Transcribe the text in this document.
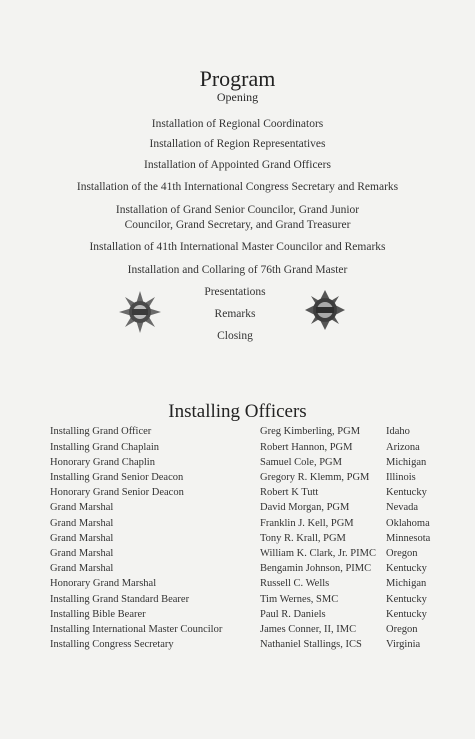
Program
Opening
Installation of Regional Coordinators
Installation of Region Representatives
Installation of Appointed Grand Officers
Installation of the 41th International Congress Secretary and Remarks
Installation of Grand Senior Councilor, Grand Junior
Councilor, Grand Secretary, and Grand Treasurer
Installation of 41th International Master Councilor and Remarks
Installation and Collaring of 76th Grand Master
Presentations
Remarks
Closing
Installing Officers
Installing Grand Officer	Greg Kimberling, PGM Idaho
Installing Grand Chaplain	Robert Hannon, PGM	Arizona
Honorary Grand Chaplin	Samuel Cole, PGM	Michigan
Installing Grand Senior Deacon	Gregory R. Klemm, PGM Illinois
Honorary Grand Senior Deacon	Robert K Tutt	Kentucky
Grand Marshal	David Morgan, PGM	Nevada
Grand Marshal	Franklin J. Kell, PGM	Oklahoma
Grand Marshal	Tony R. Krall, PGM	Minnesota
Grand Marshal	William K. Clark, Jr. PIMC Oregon
Grand Marshal	Bengamin Johnson, PIMC Kentucky
Honorary Grand Marshal	Russell C. Wells	Michigan
Installing Grand Standard Bearer	Tim Wernes, SMC	Kentucky
Installing Bible Bearer	Paul R. Daniels	Kentucky
Installing International Master Councilor	James Conner, II, IMC	Oregon
Installing Congress Secretary	Nathaniel Stallings, ICS Virginia
